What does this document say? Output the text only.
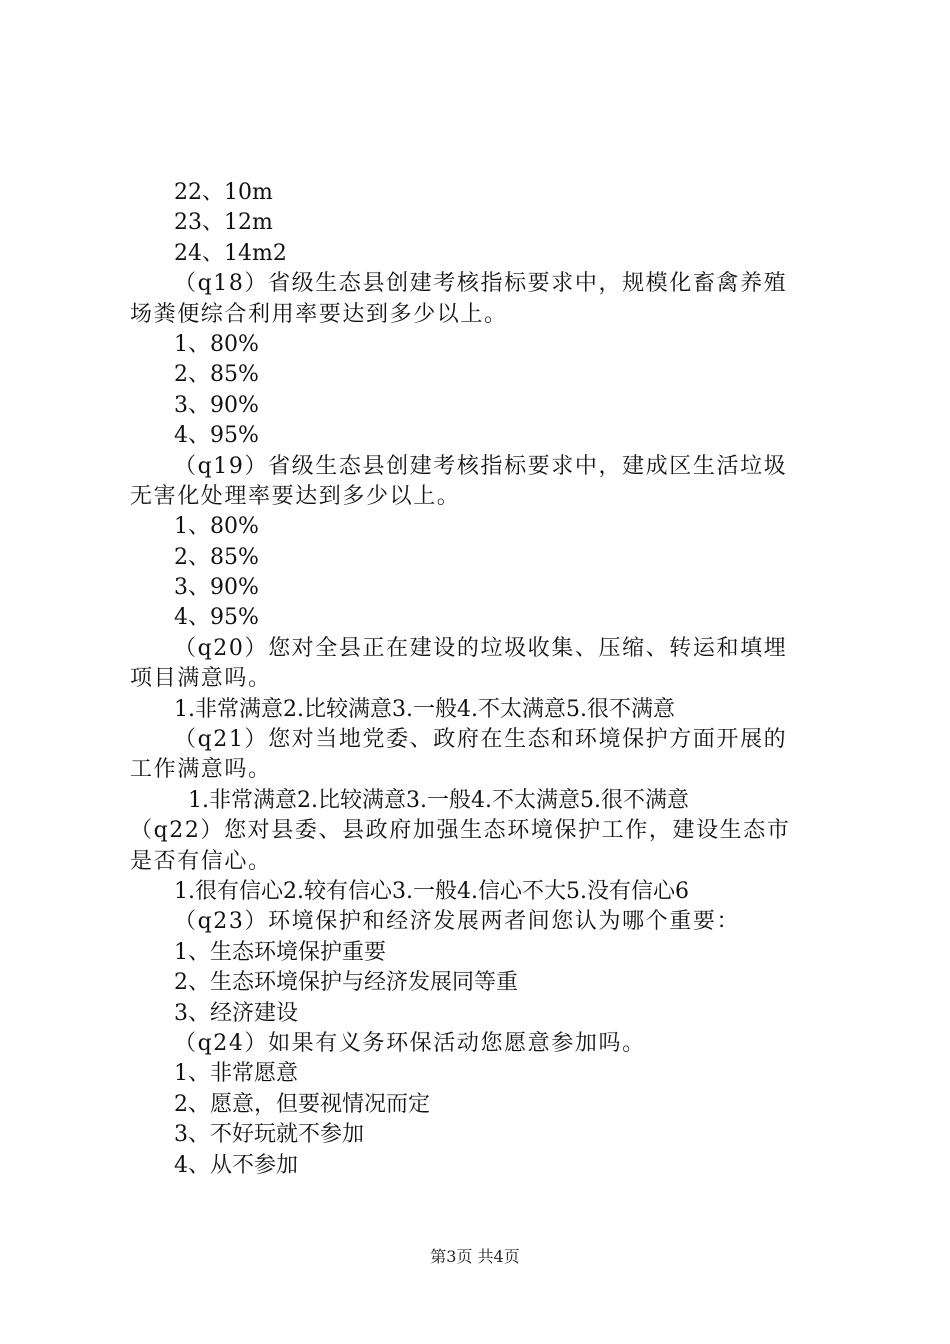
22、10m
23、12m
24、14m2
（q18）省级生态县创建考核指标要求中，规模化畜禽养殖
场粪便综合利用率要达到多少以上。
1、80%
2、85%
3、90%
4、95%
（q19）省级生态县创建考核指标要求中，建成区生活垃圾
无害化处理率要达到多少以上。
1、80%
2、85%
3、90%
4、95%
（q20）您对全县正在建设的垃圾收集、压缩、转运和填埋
项目满意吗。
1.非常满意2.比较满意3.一般4.不太满意5.很不满意
（q21）您对当地党委、政府在生态和环境保护方面开展的
工作满意吗。
1.非常满意2.比较满意3.一般4.不太满意5.很不满意
（q22）您对县委、县政府加强生态环境保护工作，建设生态市
是否有信心。
1.很有信心2.较有信心3.一般4.信心不大5.没有信心6
（q23）环境保护和经济发展两者间您认为哪个重要：
1、生态环境保护重要
2、生态环境保护与经济发展同等重
3、经济建设
（q24）如果有义务环保活动您愿意参加吗。
1、非常愿意
2、愿意，但要视情况而定
3、不好玩就不参加
4、从不参加
第3页 共4页
